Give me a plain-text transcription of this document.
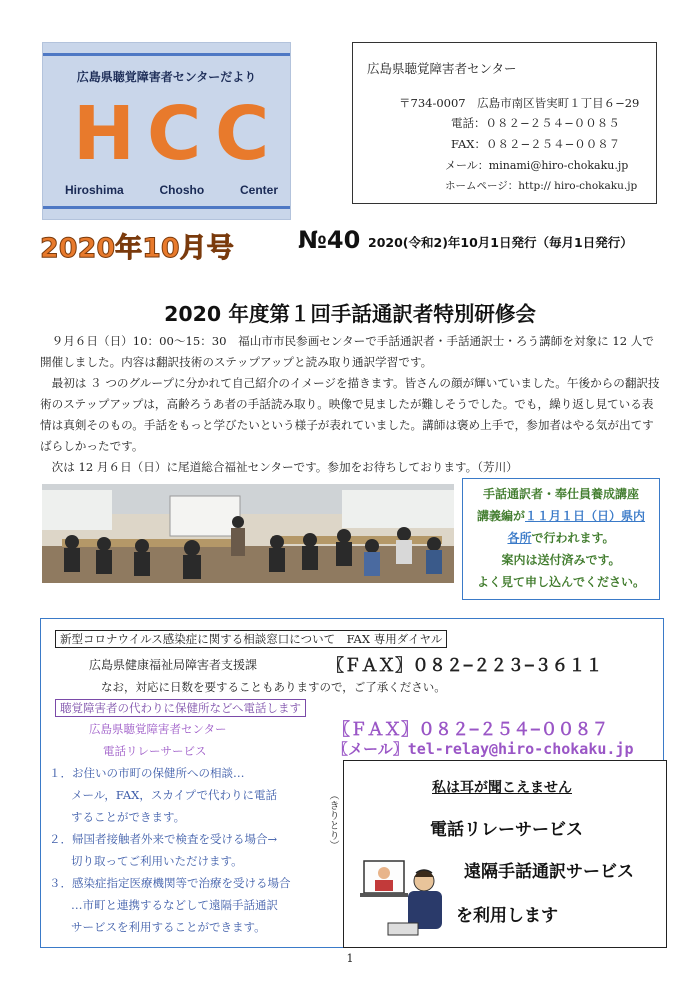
広島県聴覚障害者センターだより
H C C
Hiroshima	Chosho	Center
広島県聴覚障害者センター
〒734-0007　広島市南区皆実町１丁目６−29
電話：０８２−２５４−００８５
FAX：０８２−２５４−００８７
メール：minami@hiro-chokaku.jp
ホームページ：http:// hiro-chokaku.jp
2020年10月号	№40 2020(令和2)年10月1日発行（毎月1日発行）
2020 年度第１回手話通訳者特別研修会
９月６日（日）10：00〜15：30　福山市市民参画センターで手話通訳者・手話通訳士・ろう講師を対象に 12 人で開催しました。内容は翻訳技術のステップアップと読み取り通訳学習です。
最初は ３ つのグループに分かれて自己紹介のイメージを描きます。皆さんの顔が輝いていました。午後からの翻訳技術のステップアップは，高齢ろうあ者の手話読み取り。映像で見ましたが難しそうでした。でも，繰り返し見ている表情は真剣そのもの。手話をもっと学びたいという様子が表れていました。講師は褒め上手で，参加者はやる気が出てすばらしかったです。
次は 12 月６日（日）に尾道総合福祉センターです。参加をお待ちしております。（芳川）
手話通訳者・奉仕員養成講座
講義編が１１月１日（日）県内
各所で行われます。
案内は送付済みです。
よく見て申し込んでください。
新型コロナウイルス感染症に関する相談窓口について　FAX 専用ダイヤル
広島県健康福祉局障害者支援課	〖ＦＡＸ〗０８２−２２３−３６１１
なお，対応に日数を要することもありますので，ご了承ください。
聴覚障害者の代わりに保健所などへ電話します
広島県聴覚障害者センター	〖ＦＡＸ〗０８２−２５４−００８７
電話リレーサービス	〖メール〗tel-relay@hiro-chokaku.jp
１．お住いの市町の保健所への相談…
メール，FAX，スカイプで代わりに電話
することができます。
２．帰国者接触者外来で検査を受ける場合→
切り取ってご利用いただけます。
３．感染症指定医療機関等で治療を受ける場合
…市町と連携するなどして遠隔手話通訳
サービスを利用することができます。
（きりとり）
私は耳が聞こえません
電話リレーサービス
遠隔手話通訳サービス
を利用します
1
